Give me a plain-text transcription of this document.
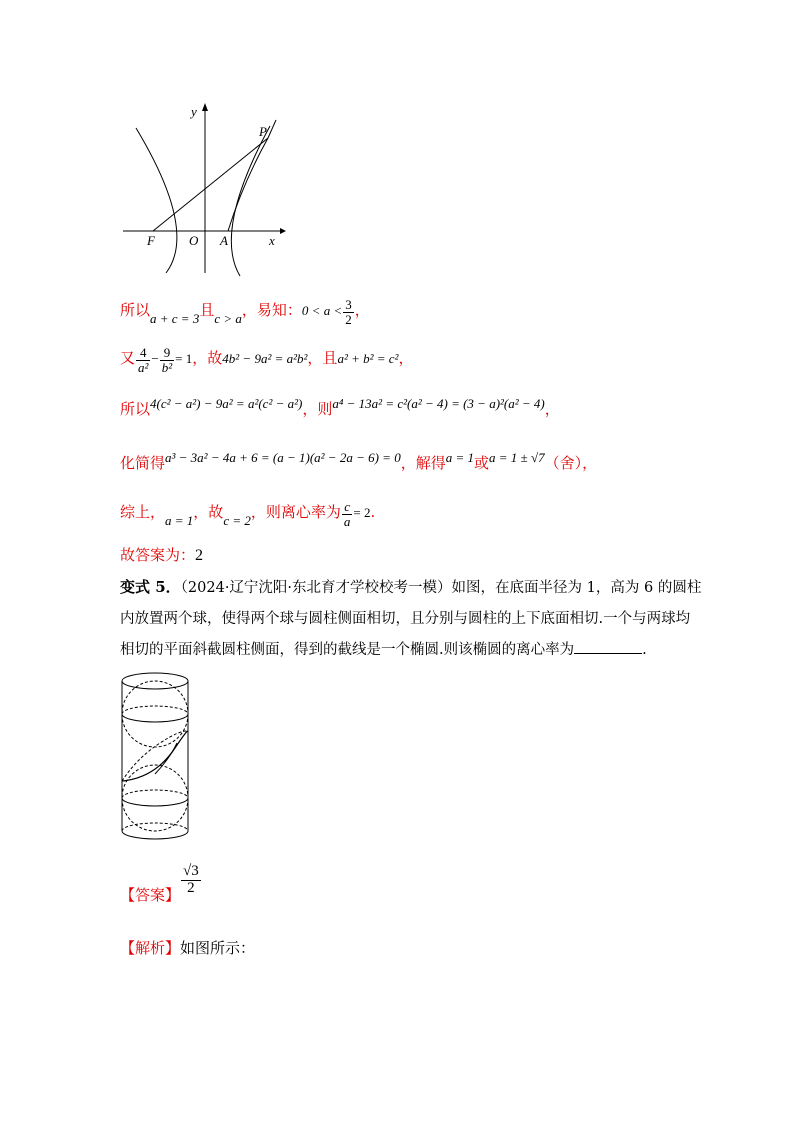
y
P
F	O A	x
所以a + c = 3且c > a，易知：$0 < a < \frac{3}{2}$ ，
又 $\frac{4}{\text{a²}} - \frac{9}{\text{b²}} = 1$，故4b² − 9a² = a²b²，且a² + b² = c²，
所以4(c² − a²) − 9a² = a²(c² − a²)，则a⁴ − 13a² = c²(a² − 4) = (3 − a)²(a² − 4)，
化简得a³ − 3a² − 4a + 6 = (a − 1)(a² − 2a − 6) = 0，解得a = 1或a = 1 ± √7（舍），
综上，a = 1，故c = 2，则离心率为 $\frac{c}{a} = 2$.
故答案为：2
变式 5．（2024·辽宁沈阳·东北育才学校校考一模）如图，在底面半径为 1，高为 6 的圆柱
内放置两个球，使得两个球与圆柱侧面相切，且分别与圆柱的上下底面相切.一个与两球均
相切的平面斜截圆柱侧面，得到的截线是一个椭圆.则该椭圆的离心率为	.
【答案】 $\frac{√3}{2}$
【解析】如图所示：
